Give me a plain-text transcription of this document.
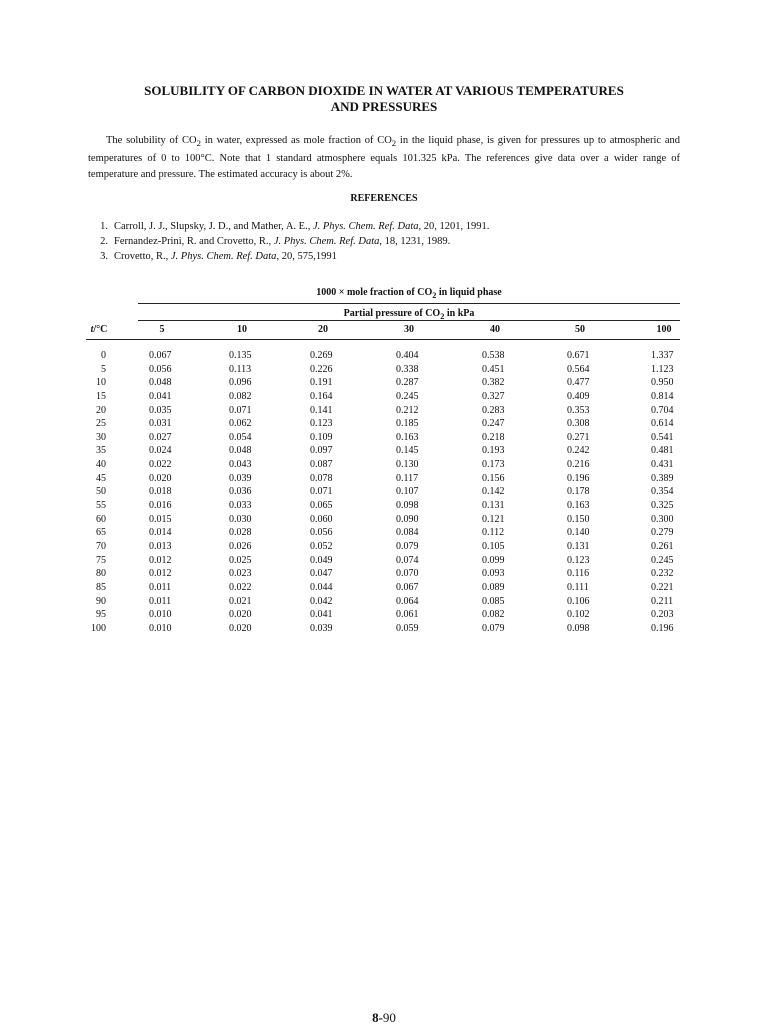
SOLUBILITY OF CARBON DIOXIDE IN WATER AT VARIOUS TEMPERATURES
AND PRESSURES

The solubility of $CO_2$ in water, expressed as mole fraction of $CO_2$ in the liquid phase, is given for pressures up to atmospheric and temperatures of 0 to 100°C. Note that 1 standard atmosphere equals 101.325 kPa. The references give data over a wider range of temperature and pressure. The estimated accuracy is about 2%.

REFERENCES
1. Carroll, J. J., Slupsky, J. D., and Mather, A. E., J. Phys. Chem. Ref. Data , 20, 1201, 1991.
2. Fernandez-Prini, R. and Crovetto, R., J. Phys. Chem. Ref. Data , 18, 1231, 1989.
3. Crovetto, R., J. Phys. Chem. Ref. Data , 20, 575,1991
1000 × mole fraction of $CO_2$ in liquid phase
Partial pressure of $CO_2$ in kPa
t/°C	5	10	20	30	40	50	100
0	0.067	0.135	0.269	0.404	0.538	0.671	1.337
5	0.056	0.113	0.226	0.338	0.451	0.564	1.123
10	0.048	0.096	0.191	0.287	0.382	0.477	0.950
15	0.041	0.082	0.164	0.245	0.327	0.409	0.814
20	0.035	0.071	0.141	0.212	0.283	0.353	0.704
25	0.031	0.062	0.123	0.185	0.247	0.308	0.614
30	0.027	0.054	0.109	0.163	0.218	0.271	0.541
35	0.024	0.048	0.097	0.145	0.193	0.242	0.481
40	0.022	0.043	0.087	0.130	0.173	0.216	0.431
45	0.020	0.039	0.078	0.117	0.156	0.196	0.389
50	0.018	0.036	0.071	0.107	0.142	0.178	0.354
55	0.016	0.033	0.065	0.098	0.131	0.163	0.325
60	0.015	0.030	0.060	0.090	0.121	0.150	0.300
65	0.014	0.028	0.056	0.084	0.112	0.140	0.279
70	0.013	0.026	0.052	0.079	0.105	0.131	0.261
75	0.012	0.025	0.049	0.074	0.099	0.123	0.245
80	0.012	0.023	0.047	0.070	0.093	0.116	0.232
85	0.011	0.022	0.044	0.067	0.089	0.111	0.221
90	0.011	0.021	0.042	0.064	0.085	0.106	0.211
95	0.010	0.020	0.041	0.061	0.082	0.102	0.203
100	0.010	0.020	0.039	0.059	0.079	0.098	0.196
8-90
